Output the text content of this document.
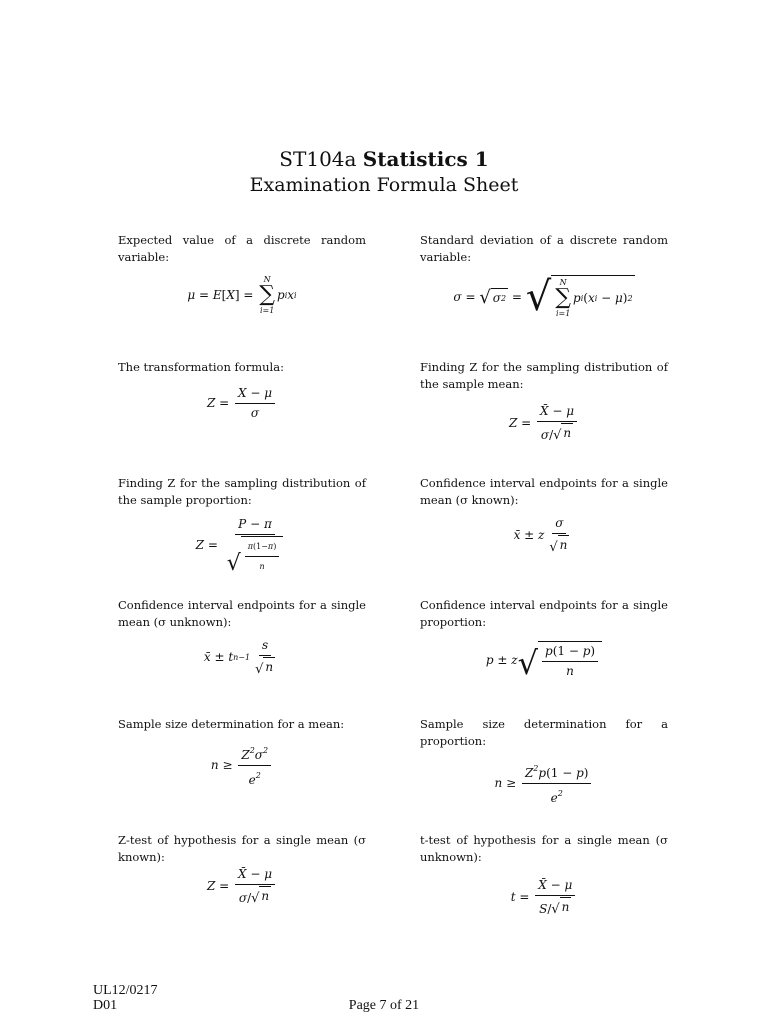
ST104a Statistics 1
Examination Formula Sheet
Expected value of a discrete random variable:
μ = E [ X ] =
N
∑
i=1
p i x i
Standard deviation of a discrete random variable:
σ = √ σ 2 = √ N
∑
i=1
p i ( x i − μ ) 2
The transformation formula:
$Z = \frac{X - \mu}{\sigma}$
Finding Z for the sampling distribution of the sample mean:
$Z = \frac{X̄ - \mu}{\sigma/ √ n}$
Finding Z for the sampling distribution of the sample proportion:
$Z = \frac{P - \pi}{√ \frac{\pi(1-\pi)}{n}}$
Confidence interval endpoints for a single mean (σ known):
x̄ ± z $\frac{\sigma}{√ n}$
Confidence interval endpoints for a single mean (σ unknown):
x̄ ± t $n-1 \frac{s}{√ n}$
Confidence interval endpoints for a single proportion:
p ± z √ $\frac{p(1 - p)}{n}$
Sample size determination for a mean:
$n \ge \frac{Z^2\sigma^2}{e^2}$
Sample size determination for a proportion:
$n \ge \frac{Z^2p(1 - p)}{e^2}$
Z-test of hypothesis for a single mean (σ known):
$Z = \frac{X̄ - \mu}{\sigma/ √ n}$
t-test of hypothesis for a single mean (σ unknown):
$t = \frac{X̄ - \mu}{S/ √ n}$
UL12/0217
D01	Page 7 of 21
